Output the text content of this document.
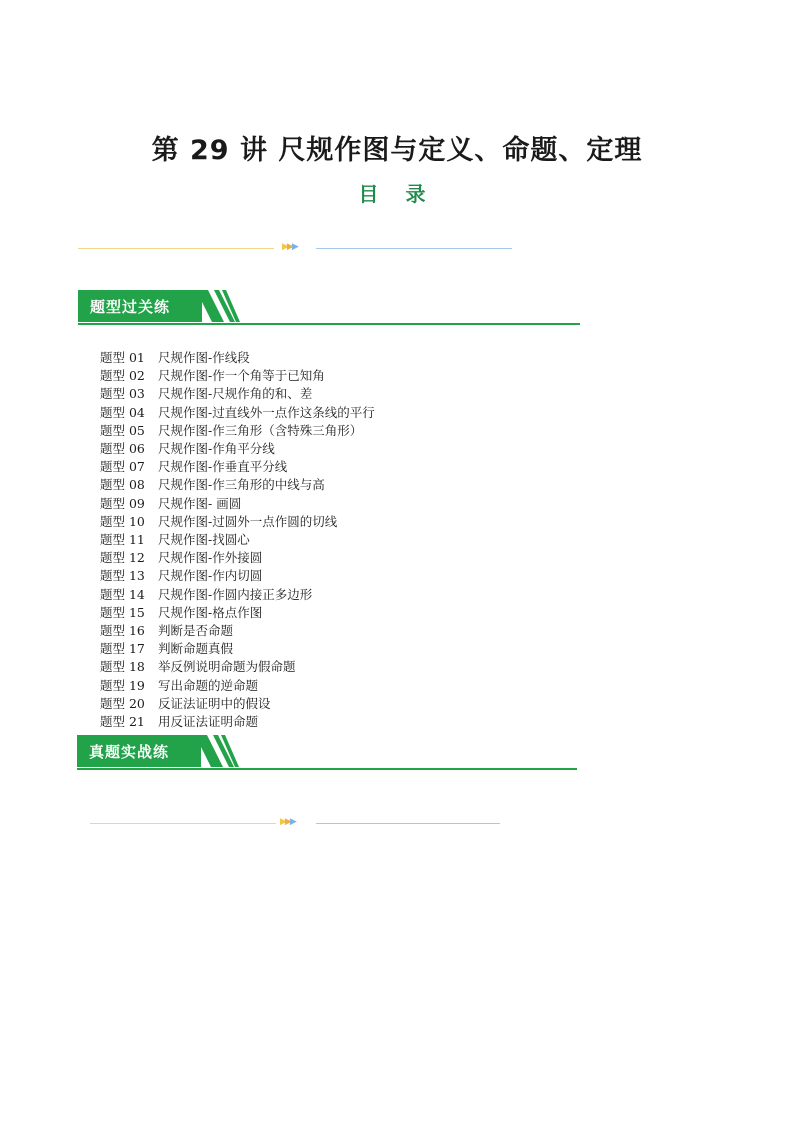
第 29 讲 尺规作图与定义、命题、定理
目 录
▶▶▶
题型过关练
题型 01 尺规作图-作线段
题型 02 尺规作图-作一个角等于已知角
题型 03 尺规作图-尺规作角的和、差
题型 04 尺规作图-过直线外一点作这条线的平行
题型 05 尺规作图-作三角形（含特殊三角形）
题型 06 尺规作图-作角平分线
题型 07 尺规作图-作垂直平分线
题型 08 尺规作图-作三角形的中线与高
题型 09 尺规作图- 画圆
题型 10 尺规作图-过圆外一点作圆的切线
题型 11 尺规作图-找圆心
题型 12 尺规作图-作外接圆
题型 13 尺规作图-作内切圆
题型 14 尺规作图-作圆内接正多边形
题型 15 尺规作图-格点作图
题型 16 判断是否命题
题型 17 判断命题真假
题型 18 举反例说明命题为假命题
题型 19 写出命题的逆命题
题型 20 反证法证明中的假设
题型 21 用反证法证明命题
真题实战练
▶▶▶
